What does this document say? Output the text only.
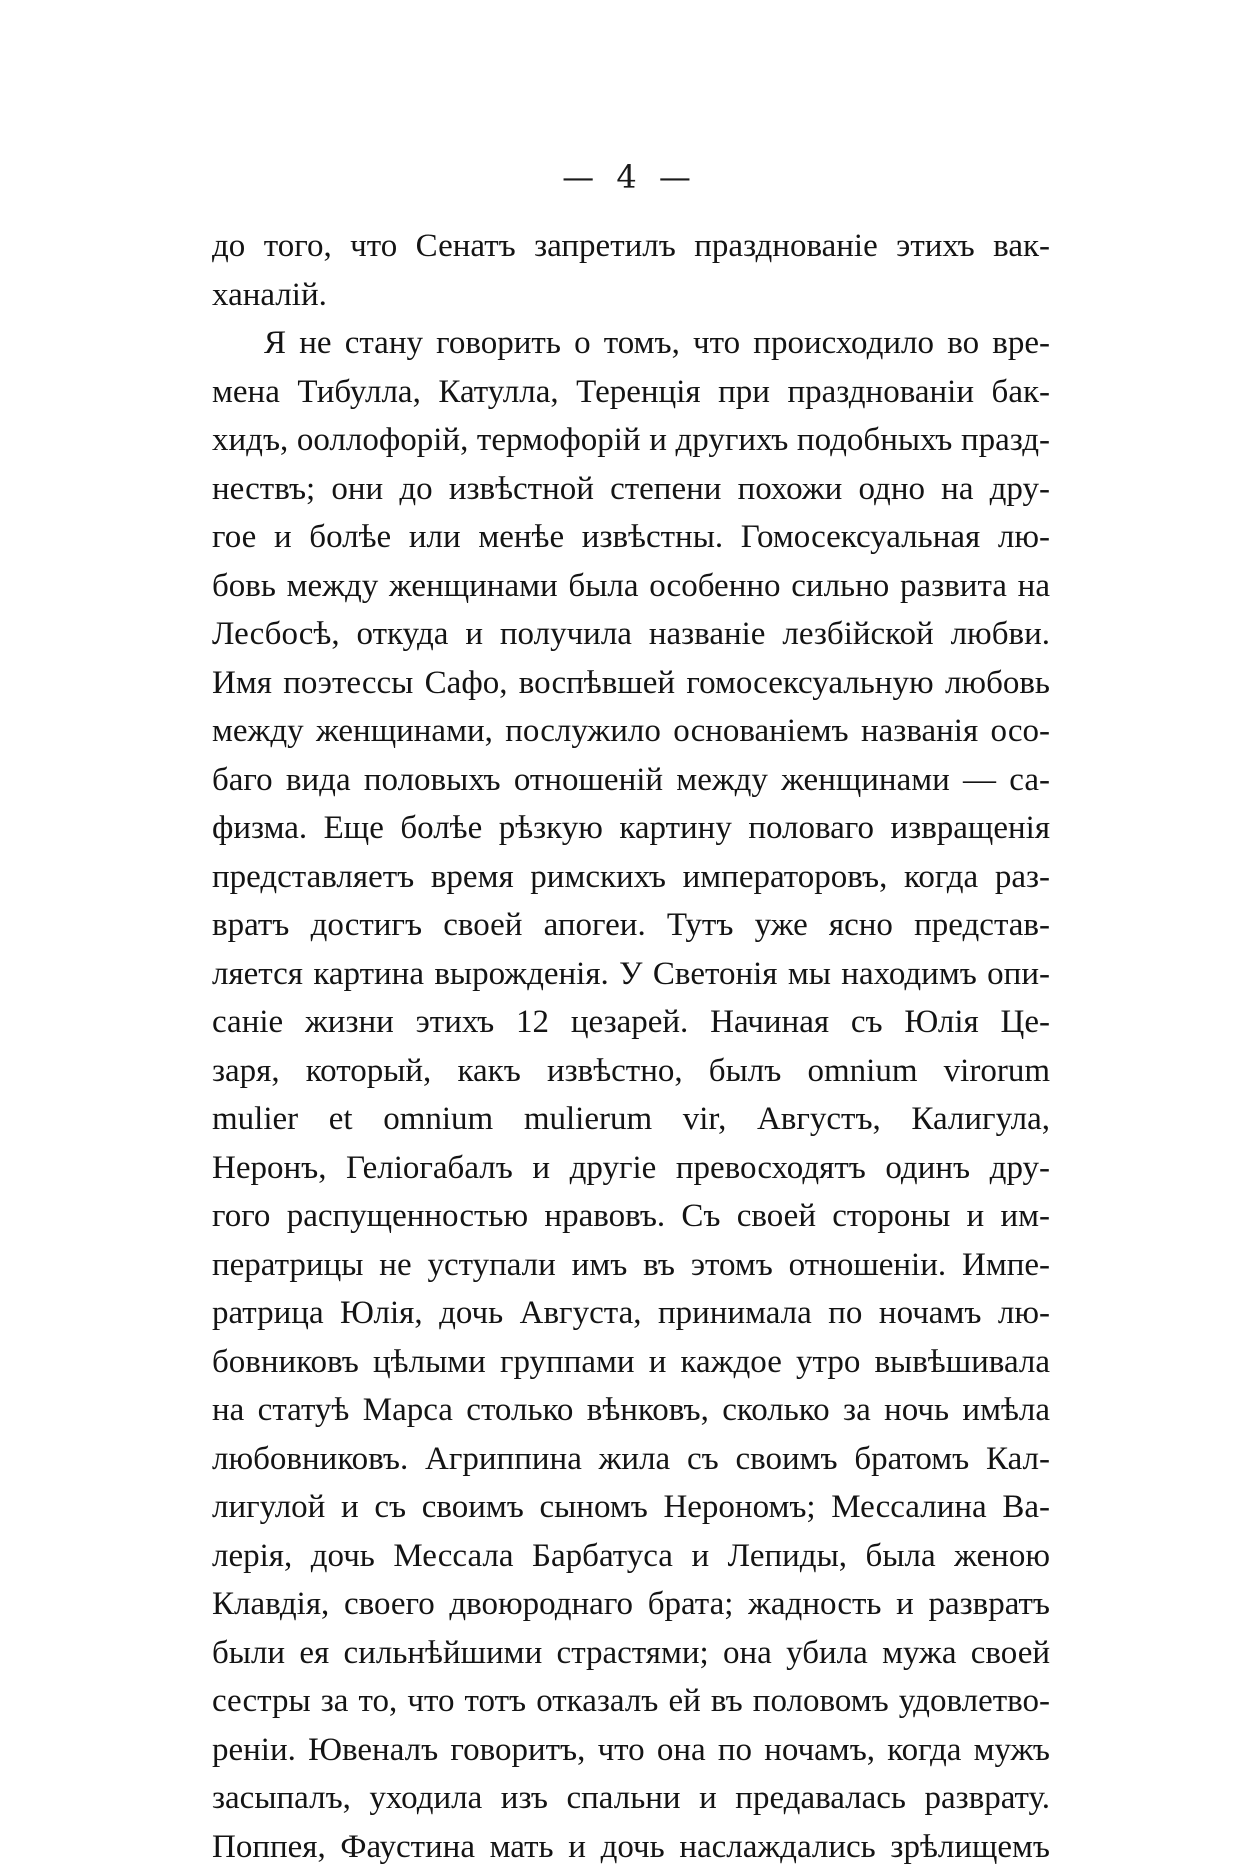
— 4 —
до того, что Сенатъ запретилъ празднованіе этихъ вак-
ханалій.
Я не стану говорить о томъ, что происходило во вре-
мена Тибулла, Катулла, Теренція при празднованіи бак-
хидъ, ооллофорій, термофорій и другихъ подобныхъ празд-
нествъ; они до извѣстной степени похожи одно на дру-
гое и болѣе или менѣе извѣстны. Гомосексуальная лю-
бовь между женщинами была особенно сильно развита на
Лесбосѣ, откуда и получила названіе лезбійской любви.
Имя поэтессы Сафо, воспѣвшей гомосексуальную любовь
между женщинами, послужило основаніемъ названія осо-
баго вида половыхъ отношеній между женщинами — са-
физма. Еще болѣе рѣзкую картину половаго извращенія
представляетъ время римскихъ императоровъ, когда раз-
вратъ достигъ своей апогеи. Тутъ уже ясно представ-
ляется картина вырожденія. У Светонія мы находимъ опи-
саніе жизни этихъ 12 цезарей. Начиная съ Юлія Це-
заря, который, какъ извѣстно, былъ omnium virorum
mulier et omnium mulierum vir, Августъ, Калигула,
Неронъ, Геліогабалъ и другіе превосходятъ одинъ дру-
гого распущенностью нравовъ. Съ своей стороны и им-
ператрицы не уступали имъ въ этомъ отношеніи. Импе-
ратрица Юлія, дочь Августа, принимала по ночамъ лю-
бовниковъ цѣлыми группами и каждое утро вывѣшивала
на статуѣ Марса столько вѣнковъ, сколько за ночь имѣла
любовниковъ. Агриппина жила съ своимъ братомъ Кал-
лигулой и съ своимъ сыномъ Нерономъ; Мессалина Ва-
лерія, дочь Мессала Барбатуса и Лепиды, была женою
Клавдія, своего двоюроднаго брата; жадность и развратъ
были ея сильнѣйшими страстями; она убила мужа своей
сестры за то, что тотъ отказалъ ей въ половомъ удовлетво-
реніи. Ювеналъ говоритъ, что она по ночамъ, когда мужъ
засыпалъ, уходила изъ спальни и предавалась разврату.
Поппея, Фаустина мать и дочь наслаждались зрѣлищемъ
